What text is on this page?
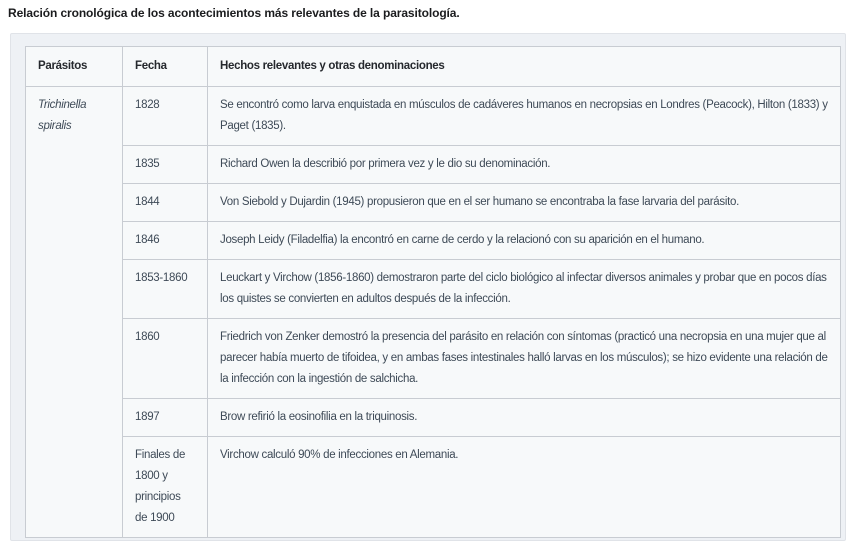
Relación cronológica de los acontecimientos más relevantes de la parasitología.
Parásitos	Fecha	Hechos relevantes y otras denominaciones
Trichinella spiralis	1828	Se encontró como larva enquistada en músculos de cadáveres humanos en necropsias en Londres (Peacock), Hilton (1833) y Paget (1835).
	1835	Richard Owen la describió por primera vez y le dio su denominación.
	1844	Von Siebold y Dujardin (1945) propusieron que en el ser humano se encontraba la fase larvaria del parásito.
	1846	Joseph Leidy (Filadelfia) la encontró en carne de cerdo y la relacionó con su aparición en el humano.
	1853-1860	Leuckart y Virchow (1856-1860) demostraron parte del ciclo biológico al infectar diversos animales y probar que en pocos días los quistes se convierten en adultos después de la infección.
	1860	Friedrich von Zenker demostró la presencia del parásito en relación con síntomas (practicó una necropsia en una mujer que al parecer había muerto de tifoidea, y en ambas fases intestinales halló larvas en los músculos); se hizo evidente una relación de la infección con la ingestión de salchicha.
	1897	Brow refirió la eosinofilia en la triquinosis.
	Finales de 1800 y principios de 1900	Virchow calculó 90% de infecciones en Alemania.
